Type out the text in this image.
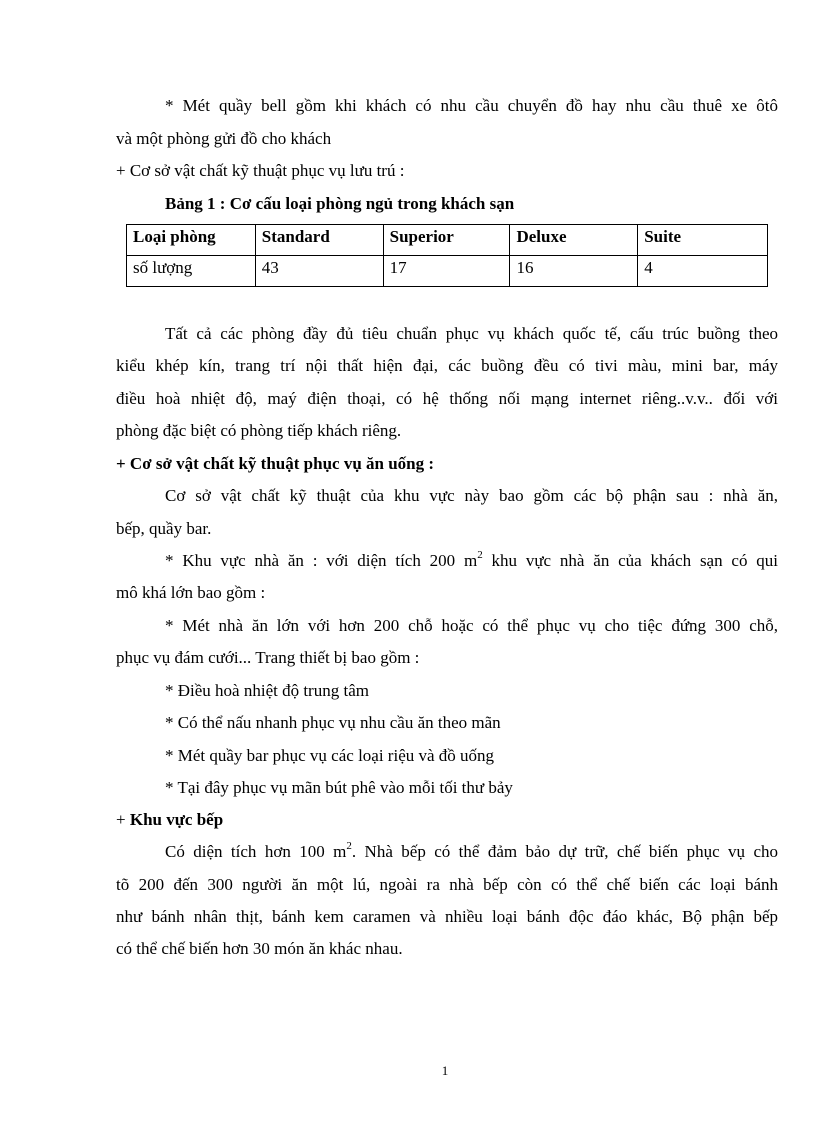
* Mét quầy bell gồm khi khách có nhu cầu chuyển đồ hay nhu cầu thuê xe ôtô

và một phòng gửi đồ cho khách

+ Cơ sở vật chất kỹ thuật phục vụ lưu trú :

Bảng 1 : Cơ cấu loại phòng ngủ trong khách sạn

Loại phòng	Standard	Superior	Deluxe	Suite
số lượng	43	17	16	4

Tất cả các phòng đầy đủ tiêu chuẩn phục vụ khách quốc tế, cấu trúc buồng theo

kiểu khép kín, trang trí nội thất hiện đại, các buồng đều có tivi màu, mini bar, máy

điều hoà nhiệt độ, maý điện thoại, có hệ thống nối mạng internet riêng..v.v.. đối với

phòng đặc biệt có phòng tiếp khách riêng.

+ Cơ sở vật chất kỹ thuật phục vụ ăn uống :

Cơ sở vật chất kỹ thuật của khu vực này bao gồm các bộ phận sau : nhà ăn,

bếp, quầy bar.

* Khu vực nhà ăn : với diện tích 200 $m^2$ khu vực nhà ăn của khách sạn có qui

mô khá lớn bao gồm :

* Mét nhà ăn lớn với hơn 200 chỗ hoặc có thể phục vụ cho tiệc đứng 300 chỗ,

phục vụ đám cưới... Trang thiết bị bao gồm :

* Điều hoà nhiệt độ trung tâm

* Có thể nấu nhanh phục vụ nhu cầu ăn theo mãn

* Mét quầy bar phục vụ các loại riệu và đồ uống

* Tại đây phục vụ mãn bút phê vào mỗi tối thư bảy

+ Khu vực bếp

Có diện tích hơn 100 $m^2$. Nhà bếp có thể đảm bảo dự trữ, chế biến phục vụ cho

tõ 200 đến 300 người ăn một lú, ngoài ra nhà bếp còn có thể chế biến các loại bánh

như bánh nhân thịt, bánh kem caramen và nhiều loại bánh độc đáo khác, Bộ phận bếp

có thể chế biến hơn 30 món ăn khác nhau.

1
